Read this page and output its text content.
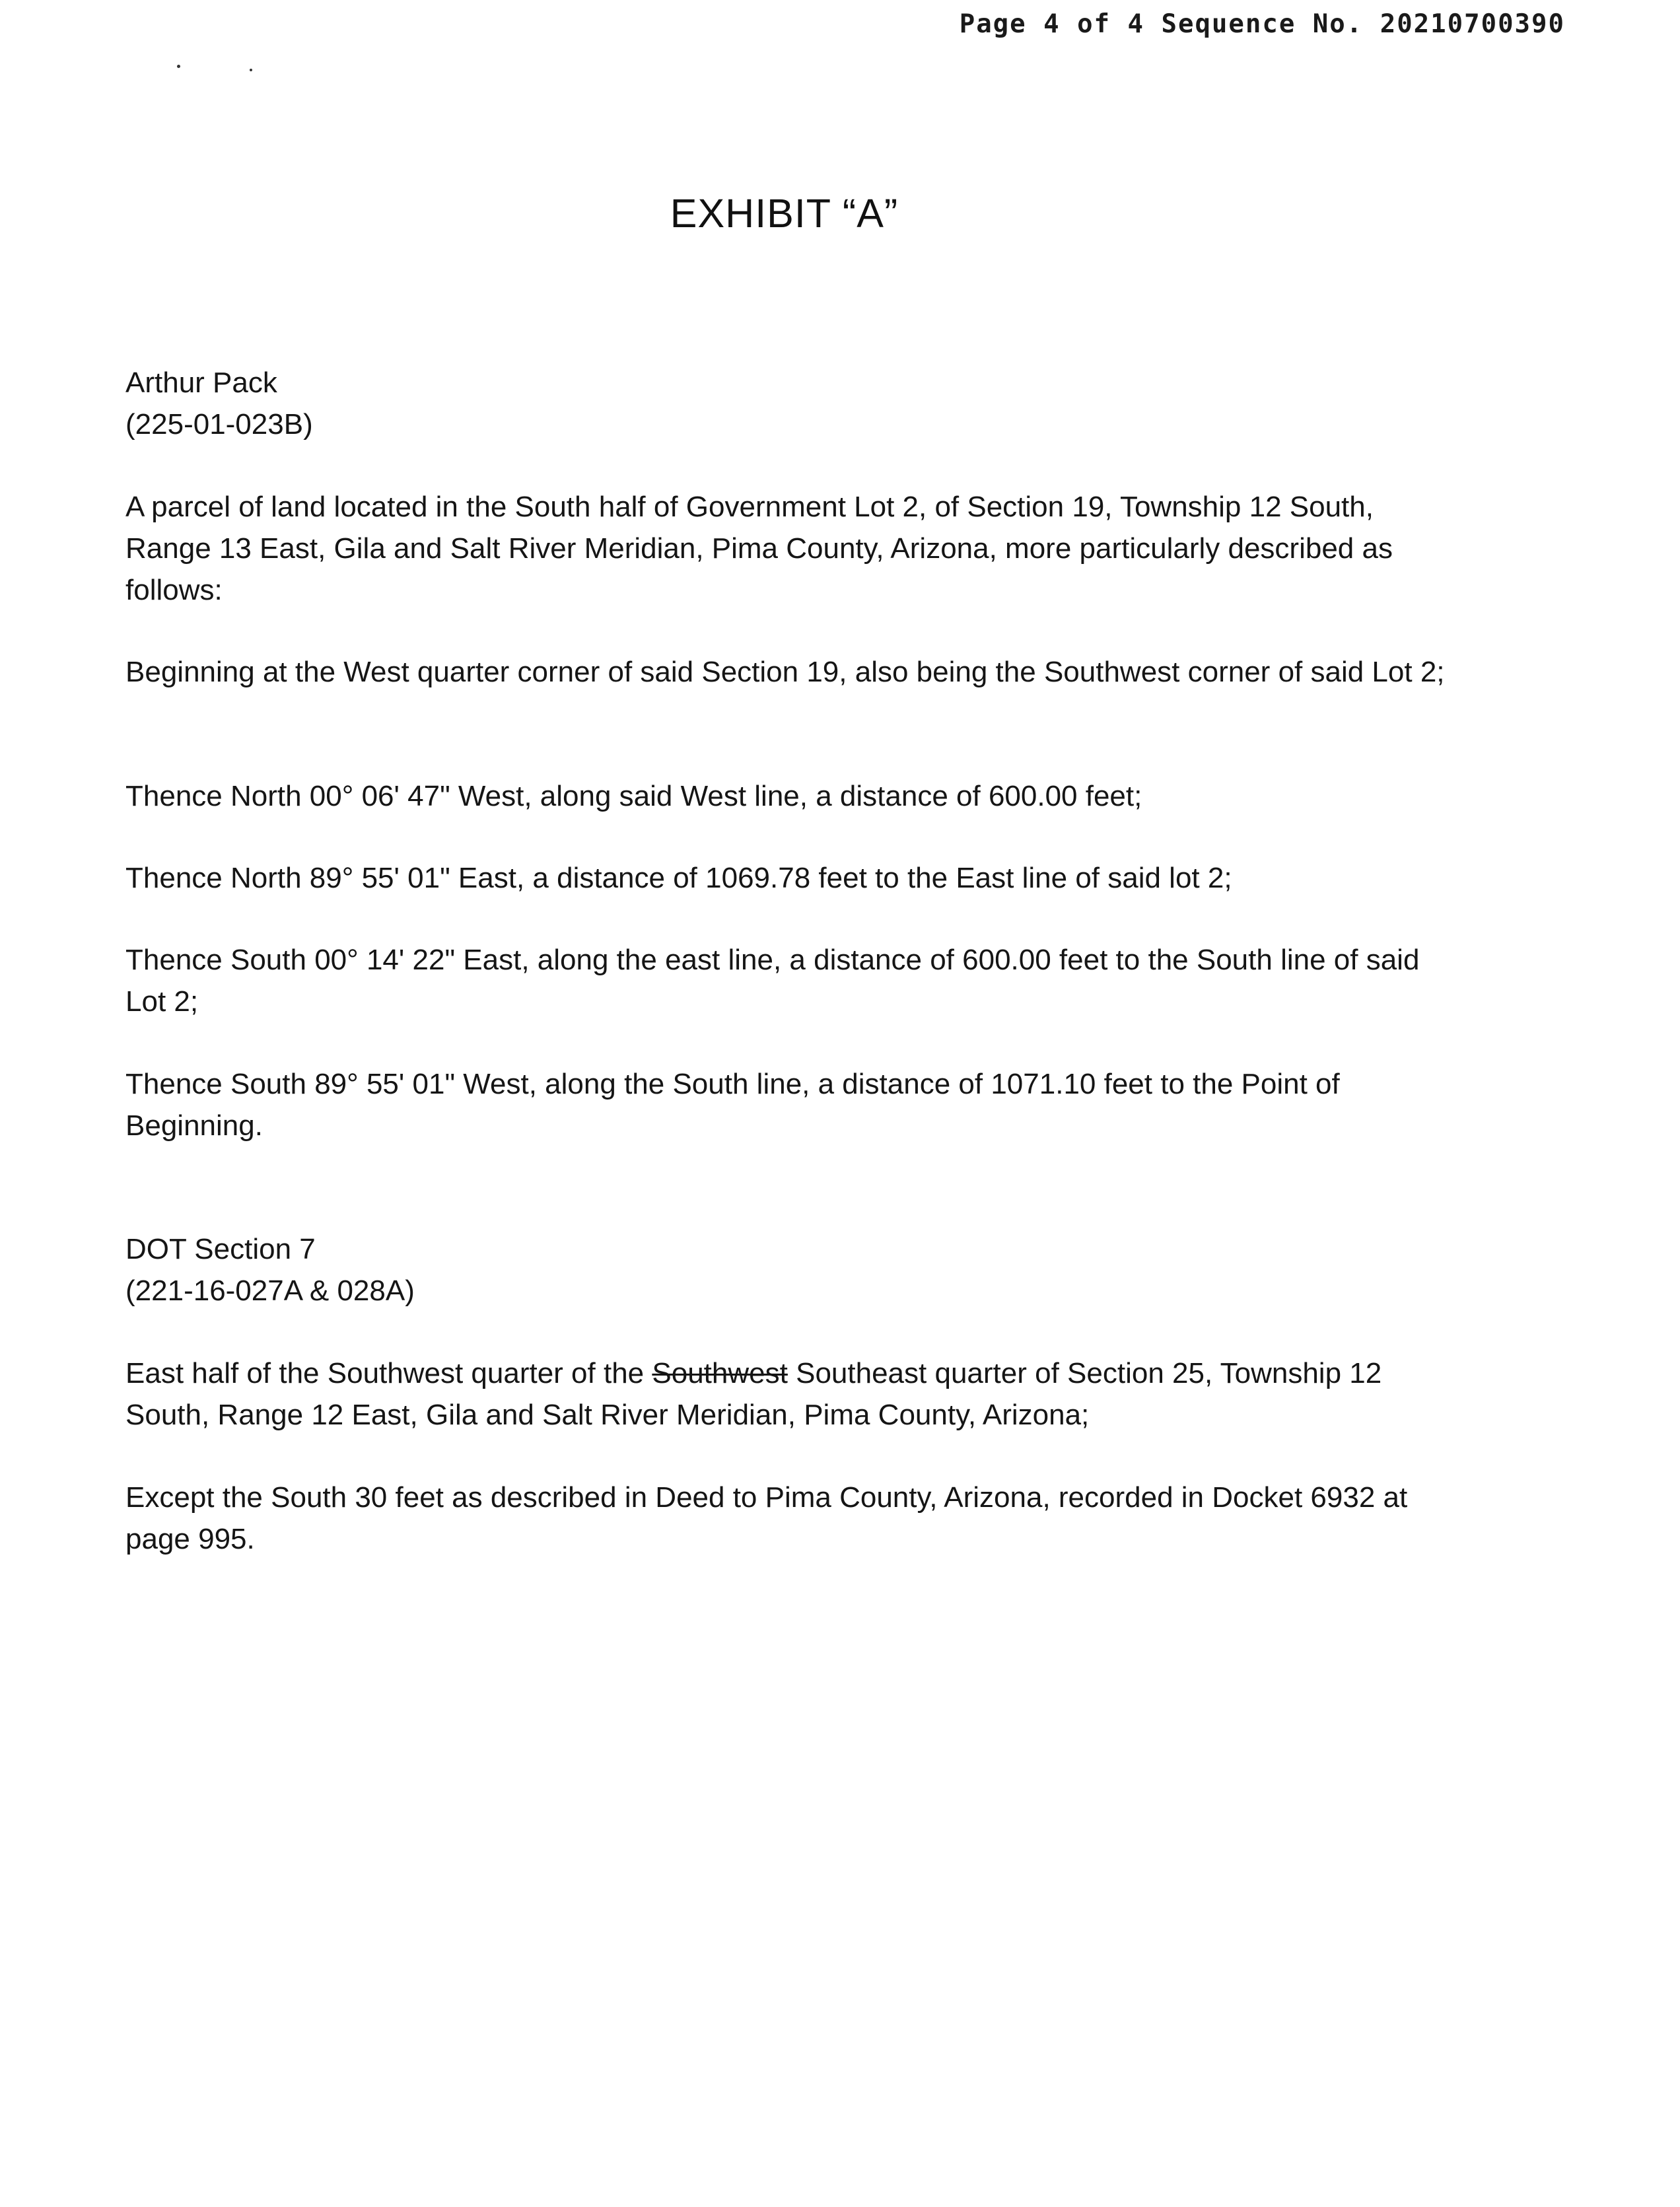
Page 4 of 4 Sequence No. 20210700390
EXHIBIT “A”

Arthur Pack

(225-01-023B)

A parcel of land located in the South half of Government Lot 2, of Section 19, Township 12 South, Range 13 East, Gila and Salt River Meridian, Pima County, Arizona, more particularly described as follows:

Beginning at the West quarter corner of said Section 19, also being the Southwest corner of said Lot 2;

Thence North 00° 06' 47" West, along said West line, a distance of 600.00 feet;

Thence North 89° 55' 01" East, a distance of 1069.78 feet to the East line of said lot 2;

Thence South 00° 14' 22" East, along the east line, a distance of 600.00 feet to the South line of said Lot 2;

Thence South 89° 55' 01" West, along the South line, a distance of 1071.10 feet to the Point of Beginning.

DOT Section 7

(221-16-027A & 028A)

East half of the Southwest quarter of the Southwest Southeast quarter of Section 25, Township 12 South, Range 12 East, Gila and Salt River Meridian, Pima County, Arizona;

Except the South 30 feet as described in Deed to Pima County, Arizona, recorded in Docket 6932 at page 995.
